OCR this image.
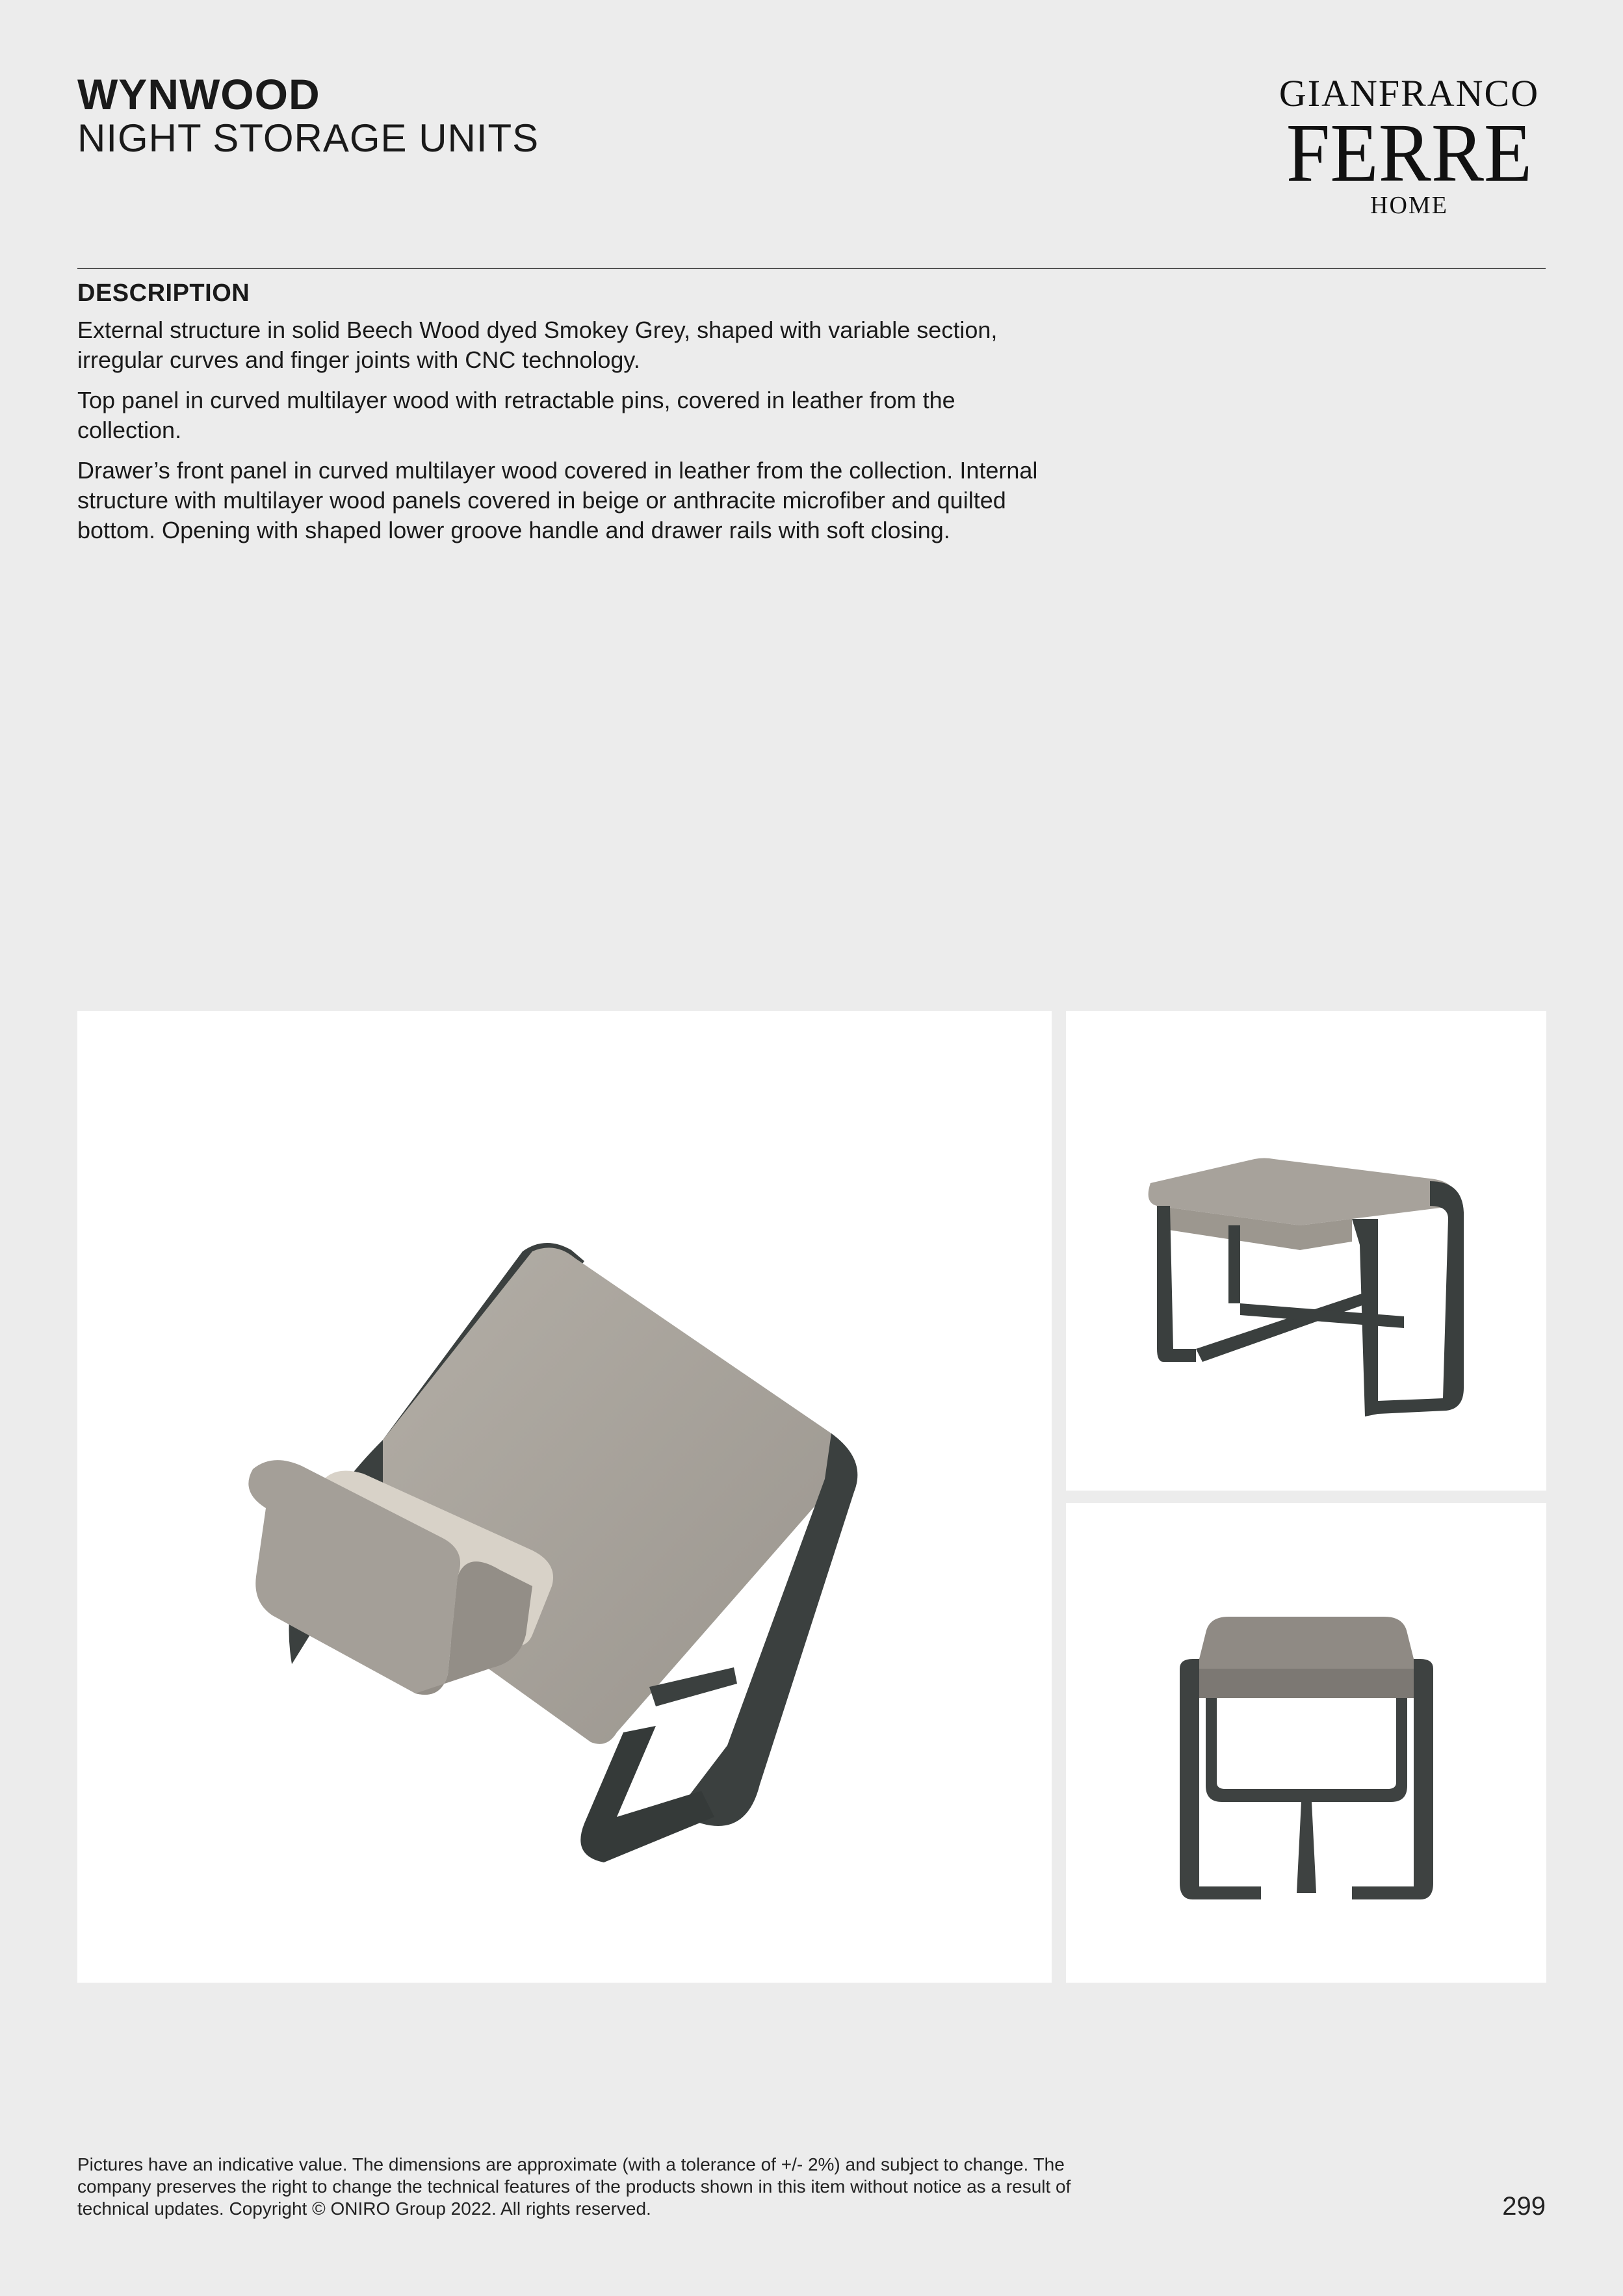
WYNWOOD
NIGHT STORAGE UNITS
GIANFRANCO
FERRE
HOME
DESCRIPTION

External structure in solid Beech Wood dyed Smokey Grey, shaped with variable section, irregular curves and finger joints with CNC technology.

Top panel in curved multilayer wood with retractable pins, covered in leather from the collection.

Drawer’s front panel in curved multilayer wood covered in leather from the collection. Internal structure with multilayer wood panels covered in beige or anthracite microfiber and quilted bottom. Opening with shaped lower groove handle and drawer rails with soft closing.

Pictures have an indicative value. The dimensions are approximate (with a tolerance of +/- 2%) and subject to change. The company preserves the right to change the technical features of the products shown in this item without notice as a result of technical updates. Copyright © ONIRO Group 2022. All rights reserved.	299
